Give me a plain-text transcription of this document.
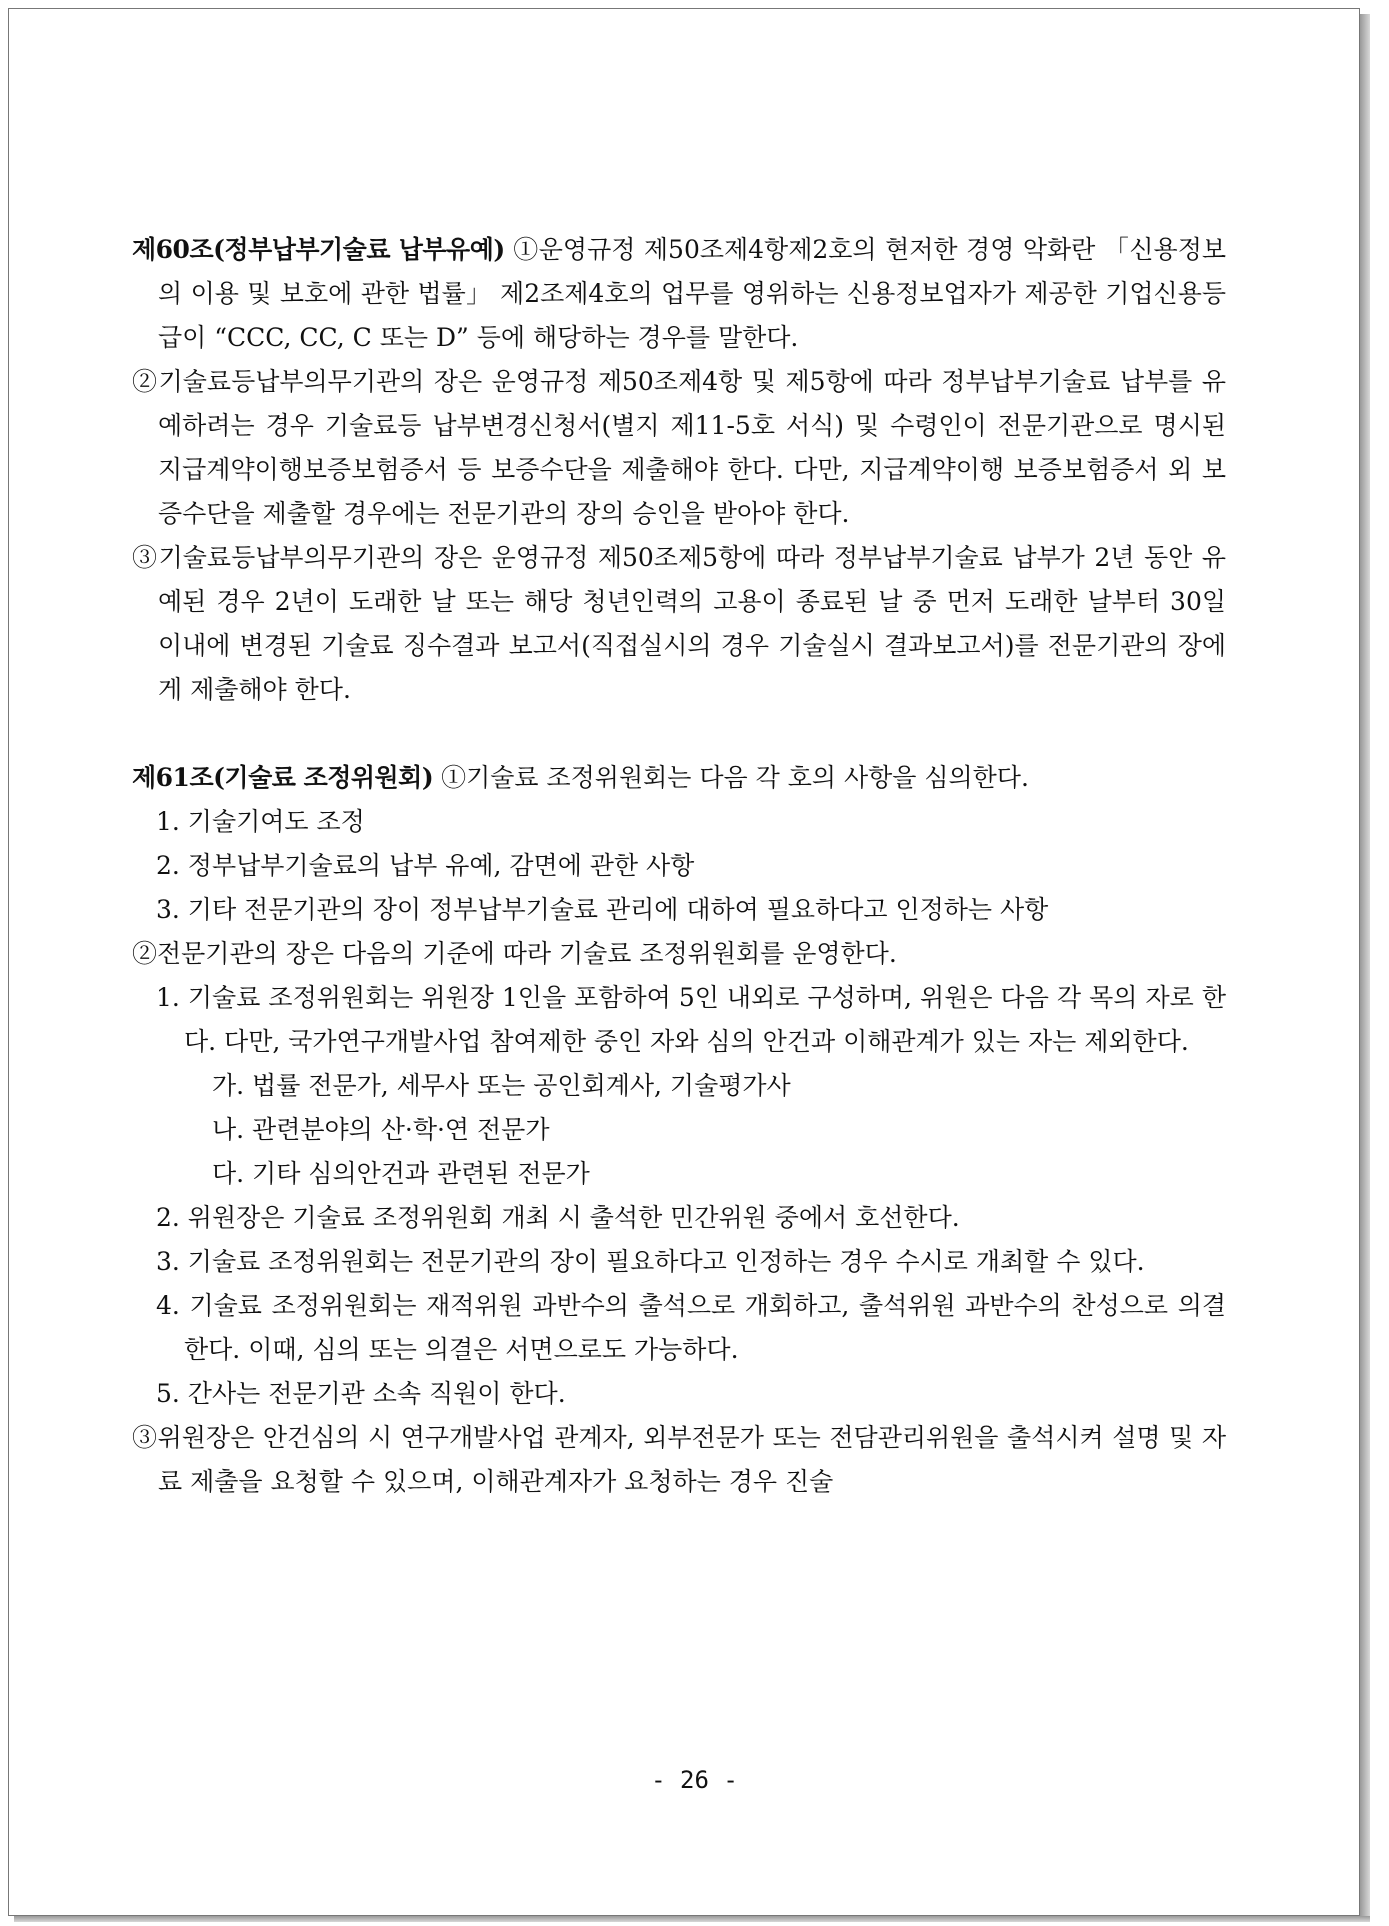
제60조(정부납부기술료 납부유예) ①운영규정 제50조제4항제2호의 현저한 경영 악화란 「신용정보의 이용 및 보호에 관한 법률」 제2조제4호의 업무를 영위하는 신용정보업자가 제공한 기업신용등급이 “CCC, CC, C 또는 D” 등에 해당하는 경우를 말한다.

②기술료등납부의무기관의 장은 운영규정 제50조제4항 및 제5항에 따라 정부납부기술료 납부를 유예하려는 경우 기술료등 납부변경신청서(별지 제11-5호 서식) 및 수령인이 전문기관으로 명시된 지급계약이행보증보험증서 등 보증수단을 제출해야 한다. 다만, 지급계약이행 보증보험증서 외 보증수단을 제출할 경우에는 전문기관의 장의 승인을 받아야 한다.

③기술료등납부의무기관의 장은 운영규정 제50조제5항에 따라 정부납부기술료 납부가 2년 동안 유예된 경우 2년이 도래한 날 또는 해당 청년인력의 고용이 종료된 날 중 먼저 도래한 날부터 30일 이내에 변경된 기술료 징수결과 보고서(직접실시의 경우 기술실시 결과보고서)를 전문기관의 장에게 제출해야 한다.

제61조(기술료 조정위원회) ①기술료 조정위원회는 다음 각 호의 사항을 심의한다.

1. 기술기여도 조정

2. 정부납부기술료의 납부 유예, 감면에 관한 사항

3. 기타 전문기관의 장이 정부납부기술료 관리에 대하여 필요하다고 인정하는 사항

②전문기관의 장은 다음의 기준에 따라 기술료 조정위원회를 운영한다.

1. 기술료 조정위원회는 위원장 1인을 포함하여 5인 내외로 구성하며, 위원은 다음 각 목의 자로 한다. 다만, 국가연구개발사업 참여제한 중인 자와 심의 안건과 이해관계가 있는 자는 제외한다.

가. 법률 전문가, 세무사 또는 공인회계사, 기술평가사

나. 관련분야의 산·학·연 전문가

다. 기타 심의안건과 관련된 전문가

2. 위원장은 기술료 조정위원회 개최 시 출석한 민간위원 중에서 호선한다.

3. 기술료 조정위원회는 전문기관의 장이 필요하다고 인정하는 경우 수시로 개최할 수 있다.

4. 기술료 조정위원회는 재적위원 과반수의 출석으로 개회하고, 출석위원 과반수의 찬성으로 의결한다. 이때, 심의 또는 의결은 서면으로도 가능하다.

5. 간사는 전문기관 소속 직원이 한다.

③위원장은 안건심의 시 연구개발사업 관계자, 외부전문가 또는 전담관리위원을 출석시켜 설명 및 자료 제출을 요청할 수 있으며, 이해관계자가 요청하는 경우 진술

- 26 -
